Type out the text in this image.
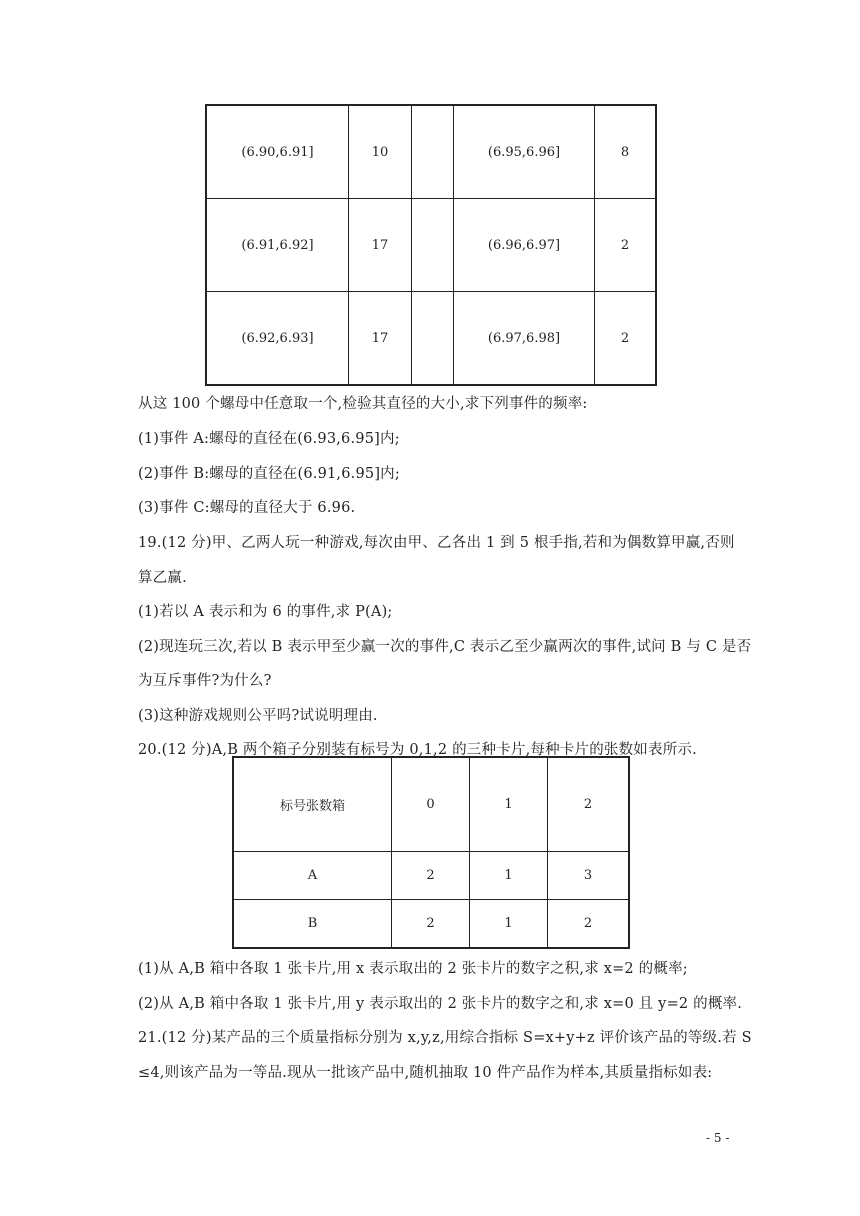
(6.90,6.91]	10		(6.95,6.96]	8
(6.91,6.92]	17		(6.96,6.97]	2
(6.92,6.93]	17		(6.97,6.98]	2
从这 100 个螺母中任意取一个,检验其直径的大小,求下列事件的频率:
(1)事件 A:螺母的直径在(6.93,6.95]内;
(2)事件 B:螺母的直径在(6.91,6.95]内;
(3)事件 C:螺母的直径大于 6.96.
19.(12 分)甲、乙两人玩一种游戏,每次由甲、乙各出 1 到 5 根手指,若和为偶数算甲赢,否则
算乙赢.
(1)若以 A 表示和为 6 的事件,求 P(A);
(2)现连玩三次,若以 B 表示甲至少赢一次的事件,C 表示乙至少赢两次的事件,试问 B 与 C 是否
为互斥事件?为什么?
(3)这种游戏规则公平吗?试说明理由.
20.(12 分)A,B 两个箱子分别装有标号为 0,1,2 的三种卡片,每种卡片的张数如表所示.
标号张数箱	0	1	2
A	2	1	3
B	2	1	2
(1)从 A,B 箱中各取 1 张卡片,用 x 表示取出的 2 张卡片的数字之积,求 x=2 的概率;
(2)从 A,B 箱中各取 1 张卡片,用 y 表示取出的 2 张卡片的数字之和,求 x=0 且 y=2 的概率.
21.(12 分)某产品的三个质量指标分别为 x,y,z,用综合指标 S=x+y+z 评价该产品的等级.若 S
≤4,则该产品为一等品.现从一批该产品中,随机抽取 10 件产品作为样本,其质量指标如表:
- 5 -
